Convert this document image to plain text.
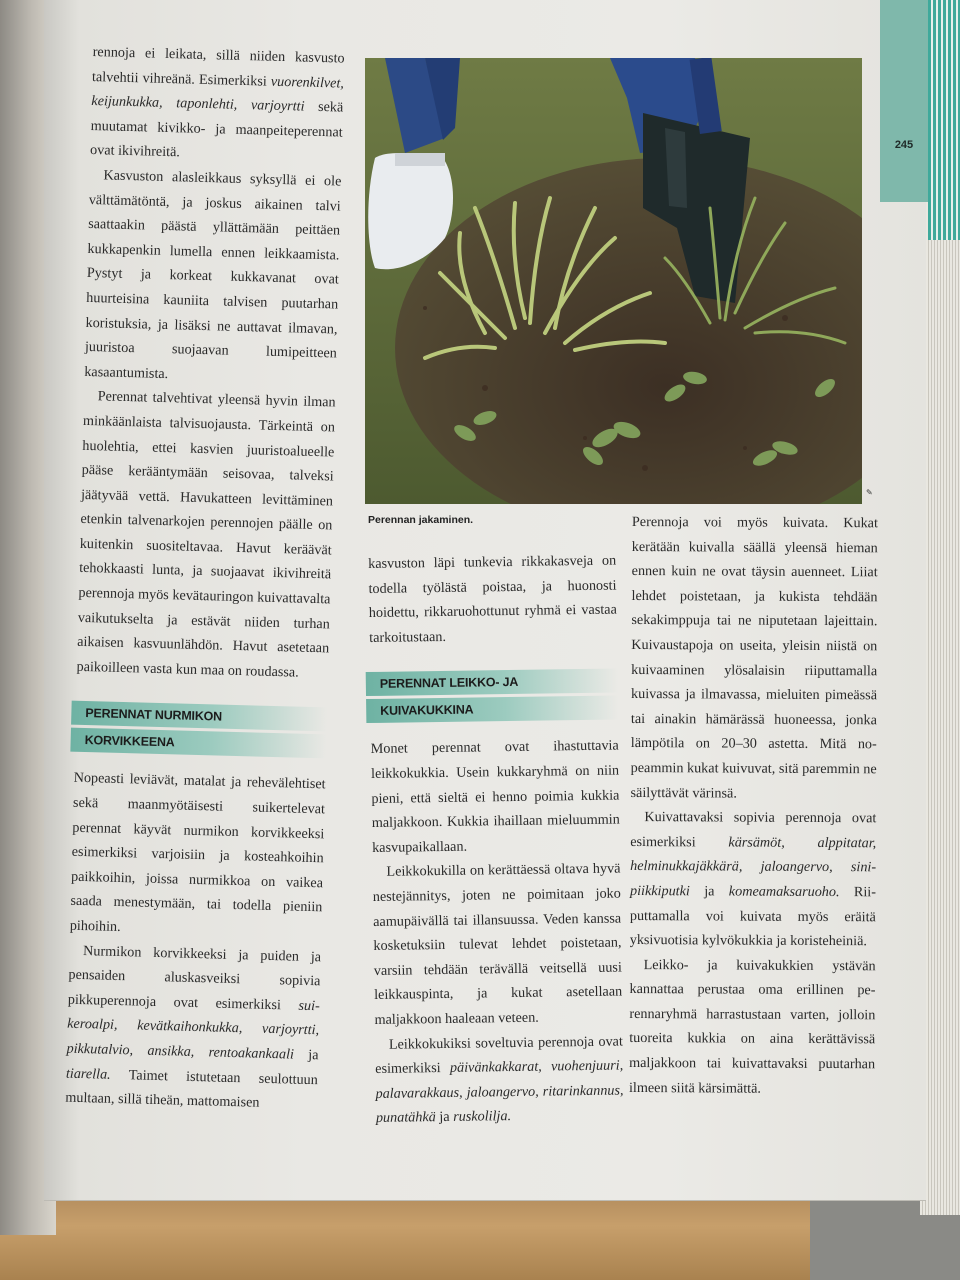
245
Perennan jakaminen.
✎

rennoja ei leikata, sillä niiden kasvusto talvehtii vihreänä. Esimerkiksi vuorenkilvet, keijunkukka, taponlehti, varjoyrtti sekä muutamat kivikko- ja maanpeiteperennat ovat ikivihreitä.

Kasvuston alasleikkaus syksyllä ei ole välttämätöntä, ja joskus aikainen talvi saattaakin päästä yllättämään peittäen kukkapenkin lumella ennen leikkaamista. Pystyt ja korkeat kukkavanat ovat huurteisina kauniita talvisen puutarhan koristuksia, ja lisäksi ne auttavat ilmavan, juuristoa suojaavan lumipeitteen kasaantumista.

Perennat talvehtivat yleensä hyvin ilman minkäänlaista talvisuojausta. Tärkeintä on huolehtia, ettei kasvien juuristoalueelle pääse kerääntymään seisovaa, talveksi jäätyvää vettä. Havukatteen levittäminen etenkin talvenarkojen perennojen päälle on kuitenkin suositeltavaa. Havut keräävät tehokkaasti lunta, ja suojaavat ikivihreitä perennoja myös kevätauringon kuivattavalta vaikutukselta ja estävät niiden turhan aikaisen kasvuunlähdön. Havut asetetaan paikoilleen vasta kun maa on roudassa.

PERENNAT NURMIKON
KORVIKKEENA

Nopeasti leviävät, matalat ja rehevälehtiset sekä maanmyötäisesti suikertelevat perennat käyvät nurmikon korvikkeeksi esimerkiksi varjoisiin ja kosteahkoihin paikkoihin, joissa nurmikkoa on vaikea saada menestymään, tai todella pieniin pihoihin.

Nurmikon korvikkeeksi ja puiden ja pensaiden aluskasveiksi sopivia pikkuperennoja ovat esimerkiksi suikeroalpi, kevätkaihonkukka, varjoyrtti, pikkutalvio, ansikka, rentoakankaali ja tiarella. Taimet istutetaan seulottuun multaan, sillä tiheän, mattomaisen

kasvuston läpi tunkevia rikkakasveja on todella työlästä poistaa, ja huonosti hoidettu, rikkaruohottunut ryhmä ei vastaa tarkoitustaan.

PERENNAT LEIKKO- JA
KUIVAKUKKINA

Monet perennat ovat ihastuttavia leikkokukkia. Usein kukkaryhmä on niin pieni, että sieltä ei henno poimia kukkia maljakkoon. Kukkia ihaillaan mieluummin kasvupaikallaan.

Leikkokukilla on kerättäessä oltava hyvä nestejännitys, joten ne poimitaan joko aamupäivällä tai illansuussa. Veden kanssa kosketuksiin tulevat lehdet poistetaan, varsiin tehdään terävällä veitsellä uusi leikkauspinta, ja kukat asetellaan maljakkoon haaleaan veteen.

Leikkokukiksi soveltuvia perennoja ovat esimerkiksi päivänkakkarat, vuohenjuuri, palavarakkaus, jaloangervo, ritarinkannus, punatähkä ja ruskolilja.

Perennoja voi myös kuivata. Kukat kerätään kuivalla säällä yleensä hieman ennen kuin ne ovat täysin auenneet. Liiat lehdet poistetaan, ja kukista tehdään sekakimppuja tai ne niputetaan lajeittain. Kuivaustapoja on useita, yleisin niistä on kuivaaminen ylösalaisin riiputtamalla kuivassa ja ilmavassa, mieluiten pimeässä tai ainakin hämärässä huoneessa, jonka lämpötila on 20–30 astetta. Mitä nopeammin kukat kuivuvat, sitä paremmin ne säilyttävät värinsä.

Kuivattavaksi sopivia perennoja ovat esimerkiksi kärsämöt, alppitatar, helminukkajäkkärä, jaloangervo, sinipiikkiputki ja komeamaksaruoho. Riiputtamalla voi kuivata myös eräitä yksivuotisia kylvökukkia ja koristeheiniä.

Leikko- ja kuivakukkien ystävän kannattaa perustaa oma erillinen perennaryhmä harrastustaan varten, jolloin tuoreita kukkia on aina kerättävissä maljakkoon tai kuivattavaksi puutarhan ilmeen siitä kärsimättä.
